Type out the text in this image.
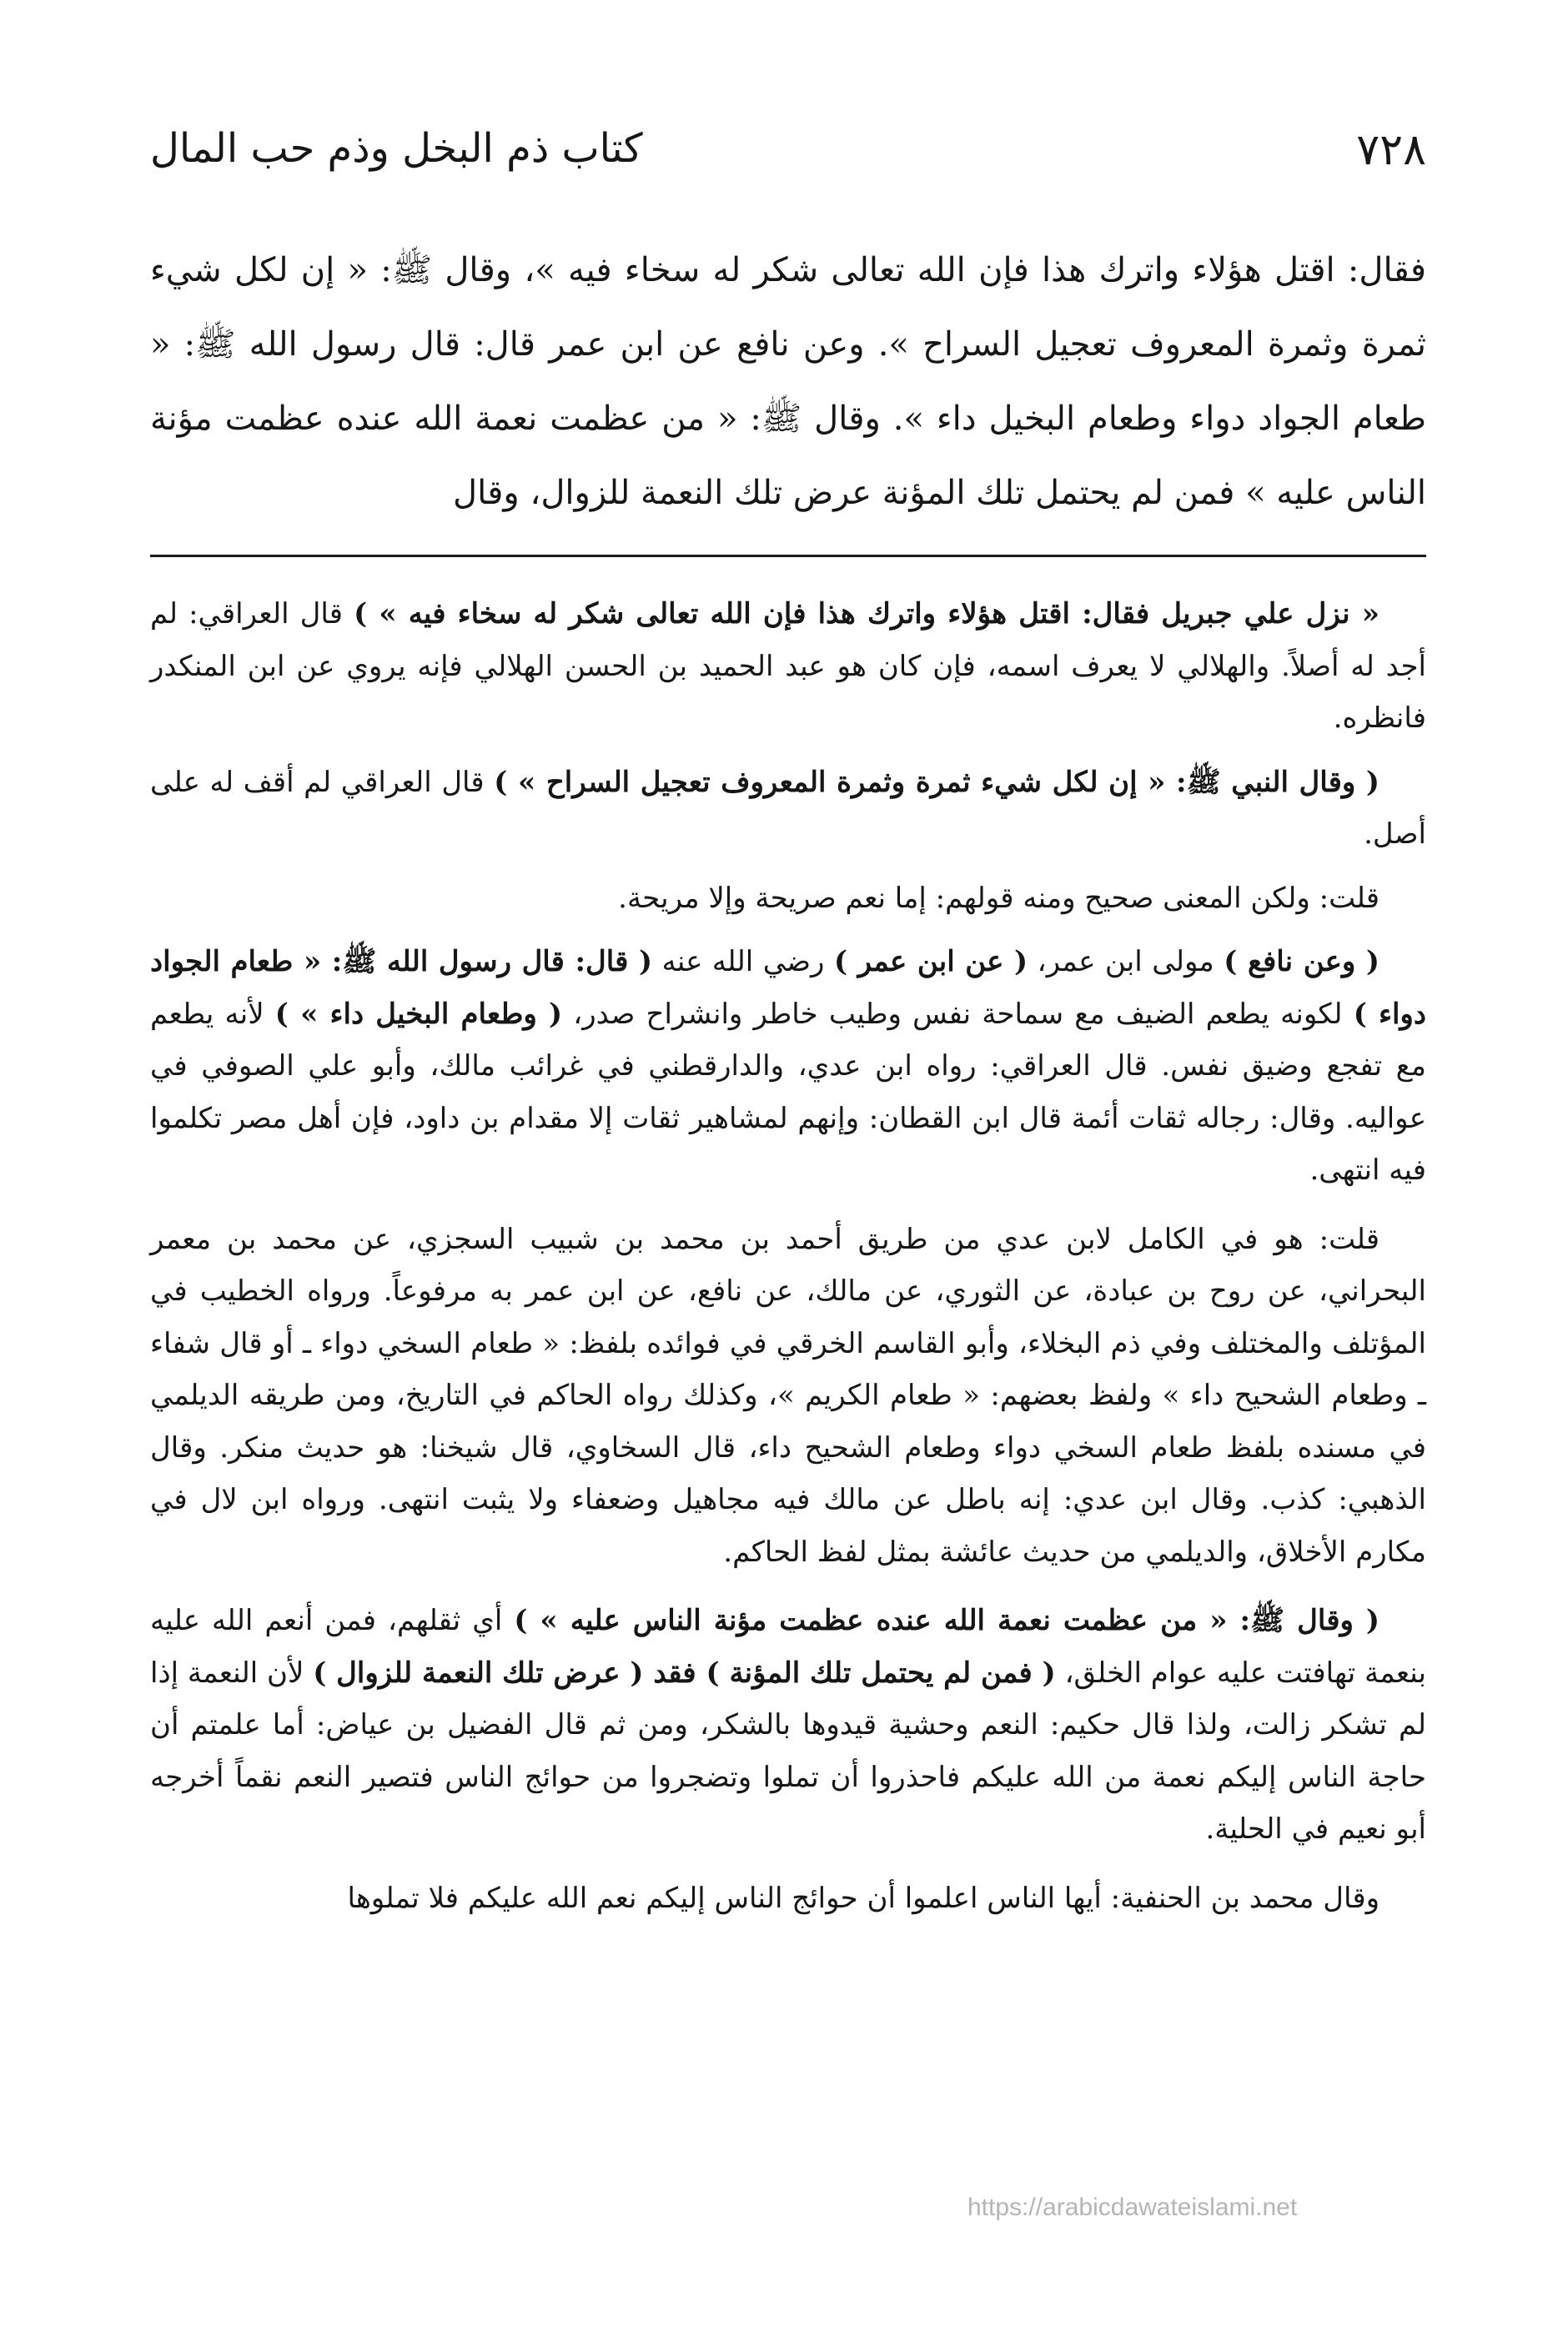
٧٢٨
كتاب ذم البخل وذم حب المال
فقال: اقتل هؤلاء واترك هذا فإن الله تعالى شكر له سخاء فيه »، وقال ﷺ: « إن لكل شيء ثمرة وثمرة المعروف تعجيل السراح ». وعن نافع عن ابن عمر قال: قال رسول الله ﷺ: « طعام الجواد دواء وطعام البخيل داء ». وقال ﷺ: « من عظمت نعمة الله عنده عظمت مؤنة الناس عليه » فمن لم يحتمل تلك المؤنة عرض تلك النعمة للزوال، وقال

« نزل علي جبريل فقال: اقتل هؤلاء واترك هذا فإن الله تعالى شكر له سخاء فيه » ) قال العراقي: لم أجد له أصلاً. والهلالي لا يعرف اسمه، فإن كان هو عبد الحميد بن الحسن الهلالي فإنه يروي عن ابن المنكدر فانظره.

( وقال النبي ﷺ: « إن لكل شيء ثمرة وثمرة المعروف تعجيل السراح » ) قال العراقي لم أقف له على أصل.

قلت: ولكن المعنى صحيح ومنه قولهم: إما نعم صريحة وإلا مريحة.

( وعن نافع ) مولى ابن عمر، ( عن ابن عمر ) رضي الله عنه ( قال: قال رسول الله ﷺ: « طعام الجواد دواء ) لكونه يطعم الضيف مع سماحة نفس وطيب خاطر وانشراح صدر، ( وطعام البخيل داء » ) لأنه يطعم مع تفجع وضيق نفس. قال العراقي: رواه ابن عدي، والدارقطني في غرائب مالك، وأبو علي الصوفي في عواليه. وقال: رجاله ثقات أئمة قال ابن القطان: وإنهم لمشاهير ثقات إلا مقدام بن داود، فإن أهل مصر تكلموا فيه انتهى.

قلت: هو في الكامل لابن عدي من طريق أحمد بن محمد بن شبيب السجزي، عن محمد بن معمر البحراني، عن روح بن عبادة، عن الثوري، عن مالك، عن نافع، عن ابن عمر به مرفوعاً. ورواه الخطيب في المؤتلف والمختلف وفي ذم البخلاء، وأبو القاسم الخرقي في فوائده بلفظ: « طعام السخي دواء ـ أو قال شفاء ـ وطعام الشحيح داء » ولفظ بعضهم: « طعام الكريم »، وكذلك رواه الحاكم في التاريخ، ومن طريقه الديلمي في مسنده بلفظ طعام السخي دواء وطعام الشحيح داء، قال السخاوي، قال شيخنا: هو حديث منكر. وقال الذهبي: كذب. وقال ابن عدي: إنه باطل عن مالك فيه مجاهيل وضعفاء ولا يثبت انتهى. ورواه ابن لال في مكارم الأخلاق، والديلمي من حديث عائشة بمثل لفظ الحاكم.

( وقال ﷺ: « من عظمت نعمة الله عنده عظمت مؤنة الناس عليه » ) أي ثقلهم، فمن أنعم الله عليه بنعمة تهافتت عليه عوام الخلق، ( فمن لم يحتمل تلك المؤنة ) فقد ( عرض تلك النعمة للزوال ) لأن النعمة إذا لم تشكر زالت، ولذا قال حكيم: النعم وحشية قيدوها بالشكر، ومن ثم قال الفضيل بن عياض: أما علمتم أن حاجة الناس إليكم نعمة من الله عليكم فاحذروا أن تملوا وتضجروا من حوائج الناس فتصير النعم نقماً أخرجه أبو نعيم في الحلية.

وقال محمد بن الحنفية: أيها الناس اعلموا أن حوائج الناس إليكم نعم الله عليكم فلا تملوها

https://arabicdawateislami.net
